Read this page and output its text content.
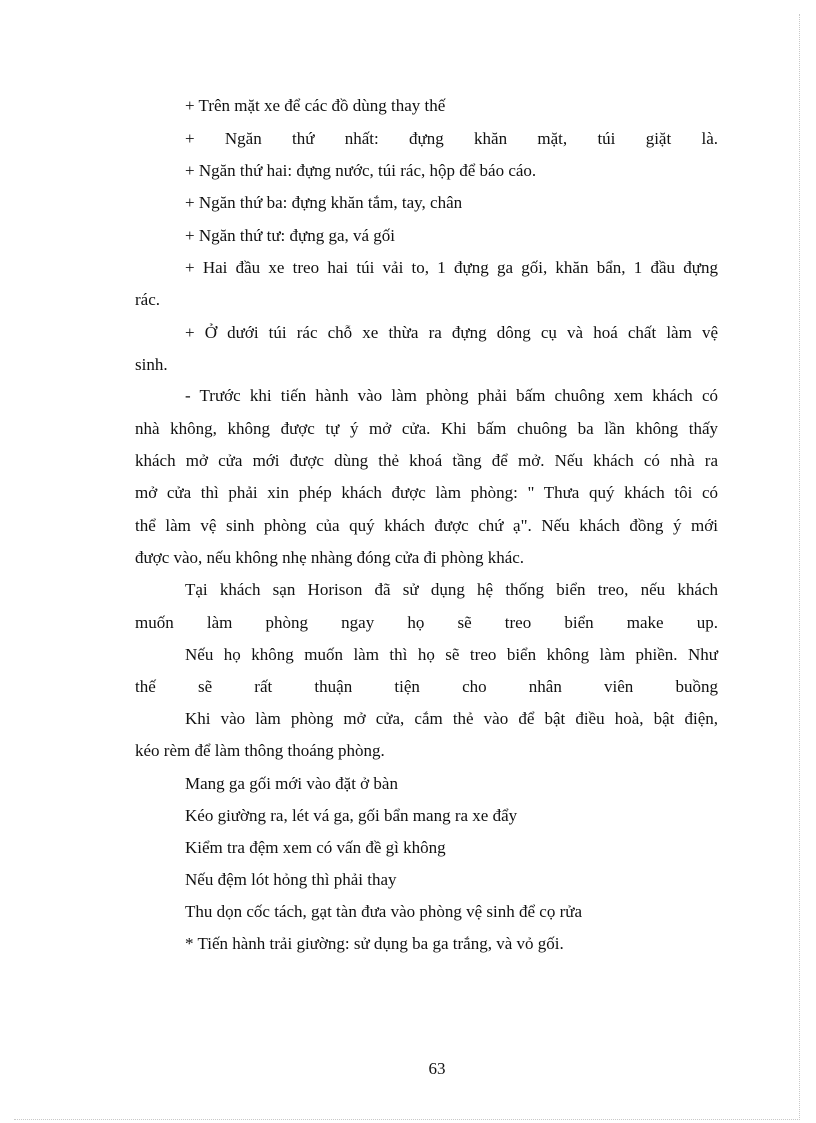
+ Trên mặt xe để các đồ dùng thay thế
+ Ngăn thứ nhất: đựng khăn mặt, túi giặt là.
+ Ngăn thứ hai: đựng nước, túi rác, hộp để báo cáo.
+ Ngăn thứ ba: đựng khăn tắm, tay, chân
+ Ngăn thứ tư: đựng ga, vá gối
+ Hai đầu xe treo hai túi vải to, 1 đựng ga gối, khăn bẩn, 1 đầu đựng
rác.
+ Ở dưới túi rác chỗ xe thừa ra đựng dông cụ và hoá chất làm vệ
sinh.
- Trước khi tiến hành vào làm phòng phải bấm chuông xem khách có
nhà không, không được tự ý mở cửa. Khi bấm chuông ba lần không thấy
khách mở cửa mới được dùng thẻ khoá tầng để mở. Nếu khách có nhà ra
mở cửa thì phải xin phép khách được làm phòng: " Thưa quý khách tôi có
thể làm vệ sinh phòng của quý khách được chứ ạ". Nếu khách đồng ý mới
được vào, nếu không nhẹ nhàng đóng cửa đi phòng khác.
Tại khách sạn Horison đã sử dụng hệ thống biển treo, nếu khách
muốn làm phòng ngay họ sẽ treo biển make up.
Nếu họ không muốn làm thì họ sẽ treo biển không làm phiền. Như
thế sẽ rất thuận tiện cho nhân viên buồng
Khi vào làm phòng mở cửa, cắm thẻ vào để bật điều hoà, bật điện,
kéo rèm để làm thông thoáng phòng.
Mang ga gối mới vào đặt ở bàn
Kéo giường ra, lét vá ga, gối bẩn mang ra xe đẩy
Kiểm tra đệm xem có vấn đề gì không
Nếu đệm lót hỏng thì phải thay
Thu dọn cốc tách, gạt tàn đưa vào phòng vệ sinh để cọ rửa
* Tiến hành trải giường: sử dụng ba ga trắng, và vỏ gối.
63
